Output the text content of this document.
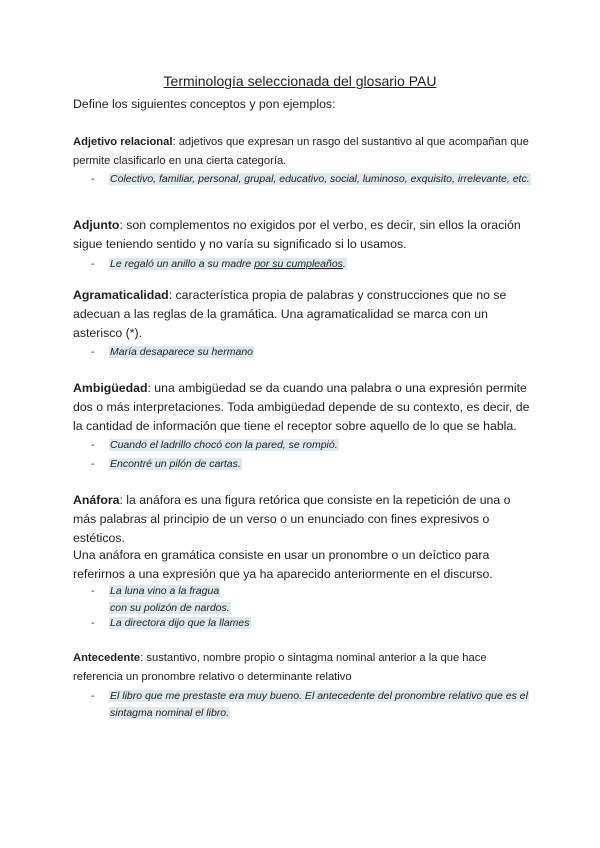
Terminología seleccionada del glosario PAU
Define los siguientes conceptos y pon ejemplos:
Adjetivo relacional: adjetivos que expresan un rasgo del sustantivo al que acompañan que permite clasificarlo en una cierta categoría.
- Colectivo, familiar, personal, grupal, educativo, social, luminoso, exquisito, irrelevante, etc.
Adjunto: son complementos no exigidos por el verbo, es decir, sin ellos la oración sigue teniendo sentido y no varía su significado si lo usamos.
- Le regaló un anillo a su madre por su cumpleaños.
Agramaticalidad: característica propia de palabras y construcciones que no se adecuan a las reglas de la gramática. Una agramaticalidad se marca con un asterisco (*).
- María desaparece su hermano
Ambigüedad: una ambigüedad se da cuando una palabra o una expresión permite dos o más interpretaciones. Toda ambigüedad depende de su contexto, es decir, de la cantidad de información que tiene el receptor sobre aquello de lo que se habla.
- Cuando el ladrillo chocó con la pared, se rompió.
- Encontré un pilón de cartas.
Anáfora: la anáfora es una figura retórica que consiste en la repetición de una o más palabras al principio de un verso o un enunciado con fines expresivos o estéticos.
Una anáfora en gramática consiste en usar un pronombre o un deíctico para referirnos a una expresión que ya ha aparecido anteriormente en el discurso.
- La luna vino a la fragua
con su polizón de nardos.
- La directora dijo que la llames
Antecedente: sustantivo, nombre propio o sintagma nominal anterior a la que hace referencia un pronombre relativo o determinante relativo
- El libro que me prestaste era muy bueno. El antecedente del pronombre relativo que es el sintagma nominal el libro.
